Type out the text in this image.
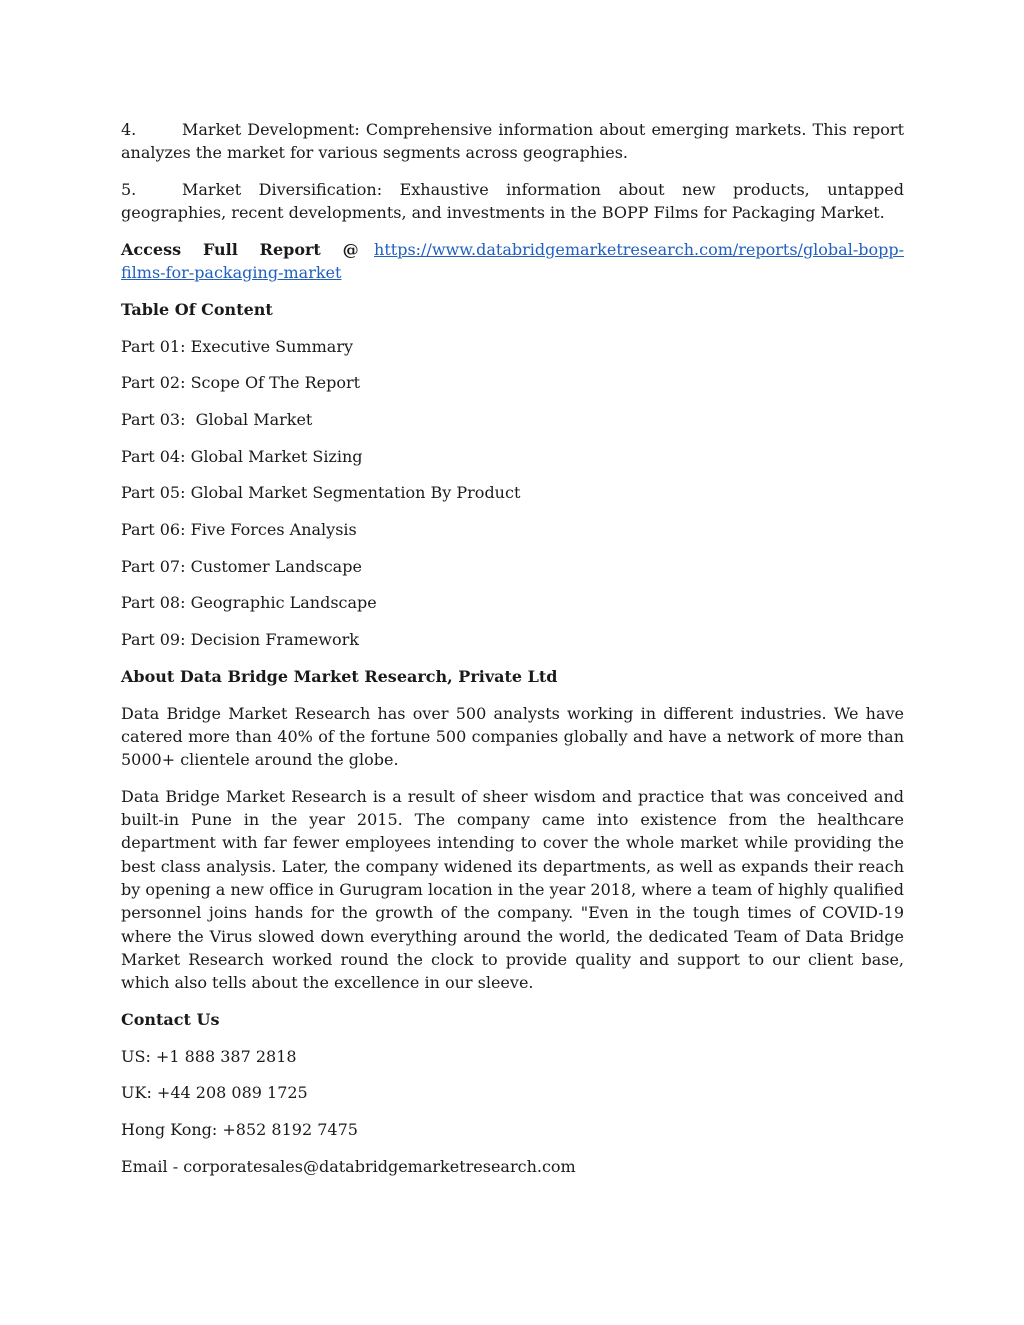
4.	Market Development: Comprehensive information about emerging markets. This report analyzes the market for various segments across geographies.

5.	Market Diversification: Exhaustive information about new products, untapped geographies, recent developments, and investments in the BOPP Films for Packaging Market.

Access Full Report @ https://www.databridgemarketresearch.com/reports/global-bopp-films-for-packaging-market

Table Of Content

Part 01: Executive Summary

Part 02: Scope Of The Report

Part 03:  Global Market

Part 04: Global Market Sizing

Part 05: Global Market Segmentation By Product

Part 06: Five Forces Analysis

Part 07: Customer Landscape

Part 08: Geographic Landscape

Part 09: Decision Framework

About Data Bridge Market Research, Private Ltd

Data Bridge Market Research has over 500 analysts working in different industries. We have catered more than 40% of the fortune 500 companies globally and have a network of more than 5000+ clientele around the globe.

Data Bridge Market Research is a result of sheer wisdom and practice that was conceived and built-in Pune in the year 2015. The company came into existence from the healthcare department with far fewer employees intending to cover the whole market while providing the best class analysis. Later, the company widened its departments, as well as expands their reach by opening a new office in Gurugram location in the year 2018, where a team of highly qualified personnel joins hands for the growth of the company. "Even in the tough times of COVID-19 where the Virus slowed down everything around the world, the dedicated Team of Data Bridge Market Research worked round the clock to provide quality and support to our client base, which also tells about the excellence in our sleeve.

Contact Us

US: +1 888 387 2818

UK: +44 208 089 1725

Hong Kong: +852 8192 7475

Email - corporatesales@databridgemarketresearch.com
